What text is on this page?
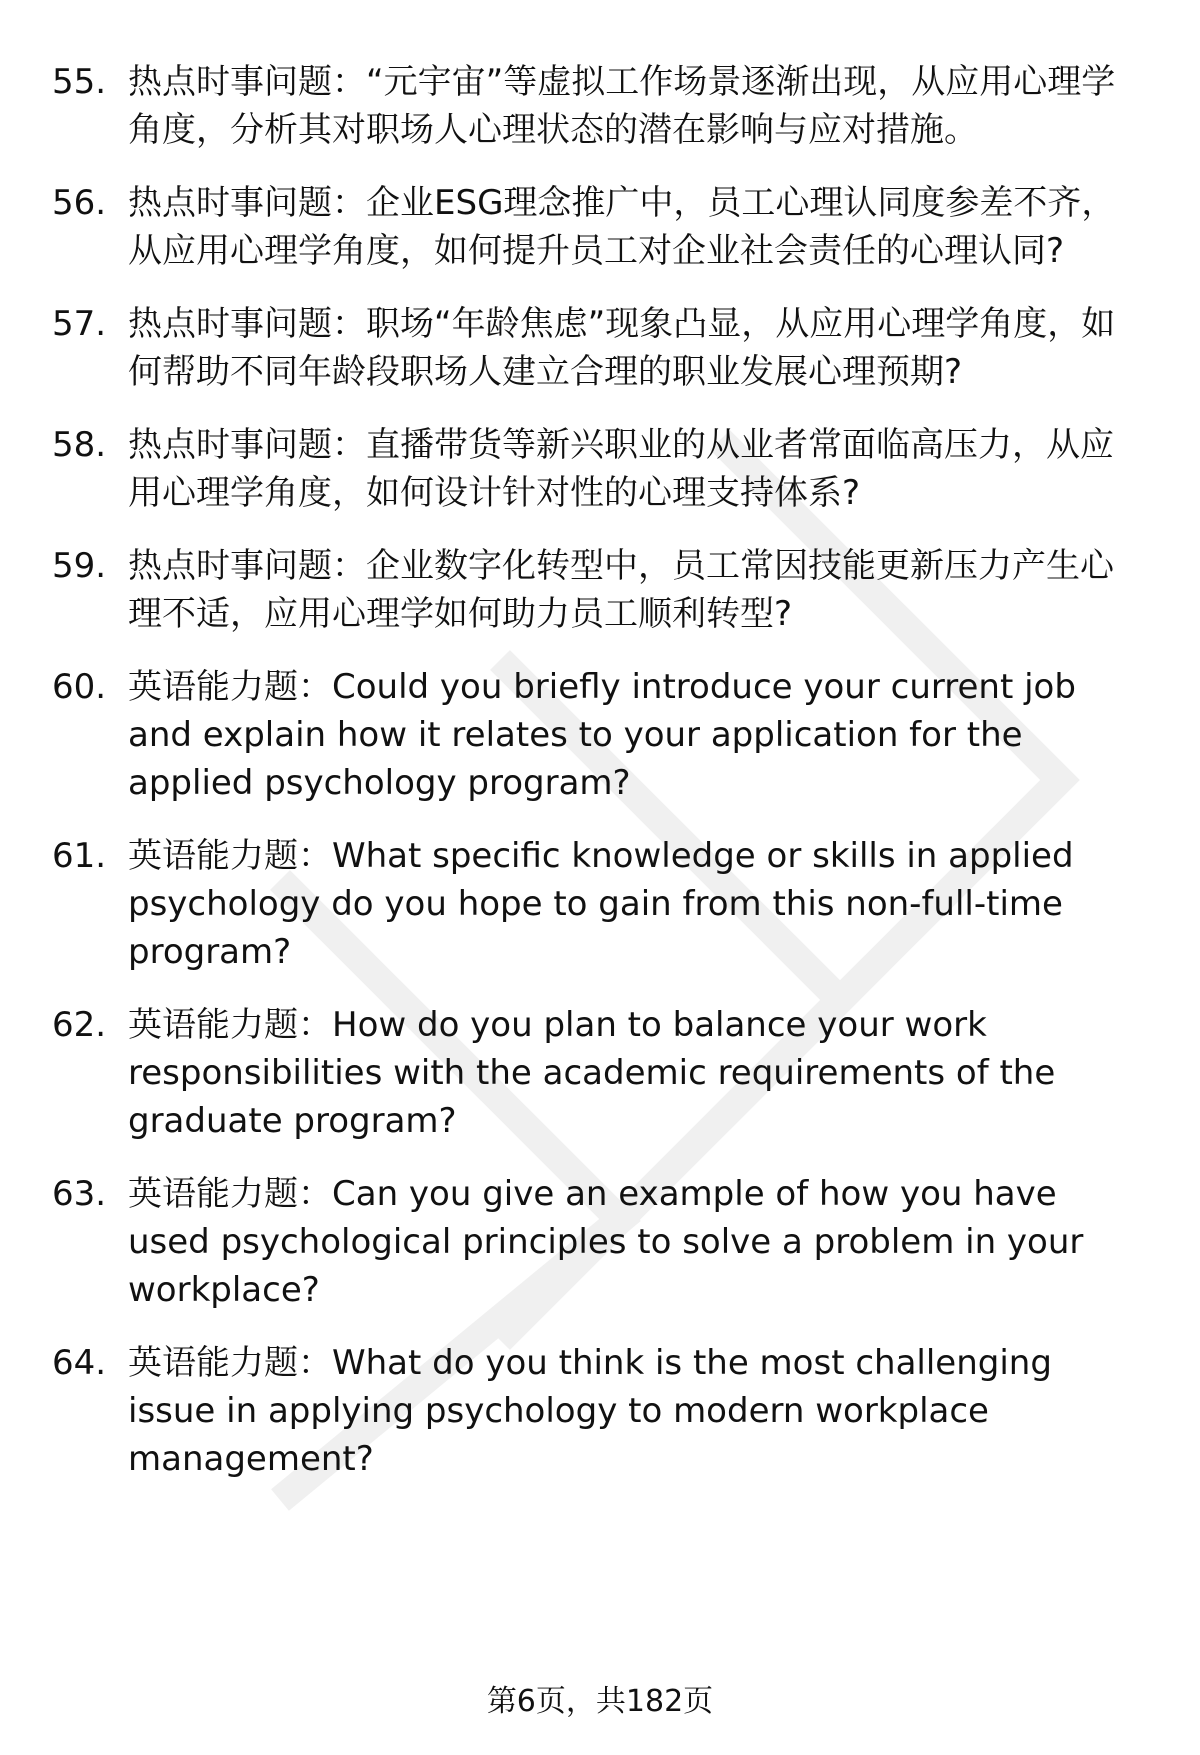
55. 热点时事问题：“元宇宙”等虚拟工作场景逐渐出现，从应用心理学角度，分析其对职场人心理状态的潜在影响与应对措施。
56. 热点时事问题：企业ESG理念推广中，员工心理认同度参差不齐，从应用心理学角度，如何提升员工对企业社会责任的心理认同?
57. 热点时事问题：职场“年龄焦虑”现象凸显，从应用心理学角度，如何帮助不同年龄段职场人建立合理的职业发展心理预期?
58. 热点时事问题：直播带货等新兴职业的从业者常面临高压力，从应用心理学角度，如何设计针对性的心理支持体系?
59. 热点时事问题：企业数字化转型中，员工常因技能更新压力产生心理不适，应用心理学如何助力员工顺利转型?
60. 英语能力题：Could you briefly introduce your current job and explain how it relates to your application for the applied psychology program?
61. 英语能力题：What specific knowledge or skills in applied psychology do you hope to gain from this non-full-time program?
62. 英语能力题：How do you plan to balance your work responsibilities with the academic requirements of the graduate program?
63. 英语能力题：Can you give an example of how you have used psychological principles to solve a problem in your workplace?
64. 英语能力题：What do you think is the most challenging issue in applying psychology to modern workplace management?
第6页，共182页
